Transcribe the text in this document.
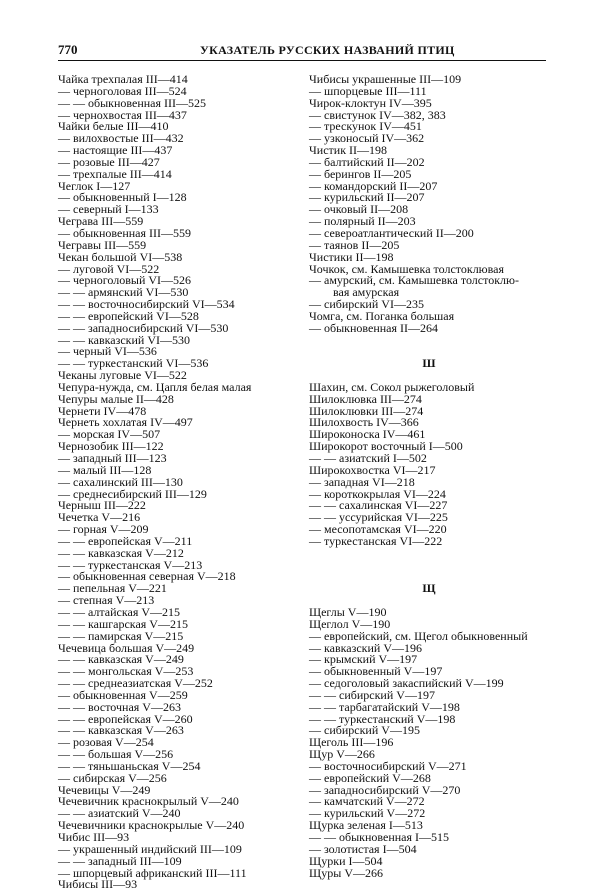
770	УКАЗАТЕЛЬ РУССКИХ НАЗВАНИЙ ПТИЦ
Чайка трехпалая III—414
— черноголовая III—524
— — обыкновенная III—525
— чернохвостая III—437
Чайки белые III—410
— вилохвостые III—432
— настоящие III—437
— розовые III—427
— трехпалые III—414
Чеглок I—127
— обыкновенный I—128
— северный I—133
Чеграва III—559
— обыкновенная III—559
Чегравы III—559
Чекан большой VI—538
— луговой VI—522
— черноголовый VI—526
— — армянский VI—530
— — восточносибирский VI—534
— — европейский VI—528
— — западносибирский VI—530
— — кавказский VI—530
— черный VI—536
— — туркестанский VI—536
Чеканы луговые VI—522
Чепура-нужда, см. Цапля белая малая
Чепуры малые II—428
Чернети IV—478
Чернеть хохлатая IV—497
— морская IV—507
Чернозобик III—122
— западный III—123
— малый III—128
— сахалинский III—130
— среднесибирский III—129
Черныш III—222
Чечетка V—216
— горная V—209
— — европейская V—211
— — кавказская V—212
— — туркестанская V—213
— обыкновенная северная V—218
— пепельная V—221
— степная V—213
— — алтайская V—215
— — кашгарская V—215
— — памирская V—215
Чечевица большая V—249
— — кавказская V—249
— — монгольская V—253
— — среднеазиатская V—252
— обыкновенная V—259
— — восточная V—263
— — европейская V—260
— — кавказская V—263
— розовая V—254
— — большая V—256
— — тяньшаньская V—254
— сибирская V—256
Чечевицы V—249
Чечевичник краснокрылый V—240
— — азиатский V—240
Чечевичники краснокрылые V—240
Чибис III—93
— украшенный индийский III—109
— — западный III—109
— шпорцевый африканский III—111
Чибисы III—93
Чибисы украшенные III—109
— шпорцевые III—111
Чирок-клоктун IV—395
— свистунок IV—382, 383
— трескунок IV—451
— узконосый IV—362
Чистик II—198
— балтийский II—202
— берингов II—205
— командорский II—207
— курильский II—207
— очковый II—208
— полярный II—203
— североатлантический II—200
— таянов II—205
Чистики II—198
Чочкок, см. Камышевка толстоклювая
— амурский, см. Камышевка толстоклю-
вая амурская
— сибирский VI—235
Чомга, см. Поганка большая
— обыкновенная II—264
Ш
Шахин, см. Сокол рыжеголовый
Шилоклювка III—274
Шилоклювки III—274
Шилохвость IV—366
Широконоска IV—461
Широкорот восточный I—500
— — азиатский I—502
Широкохвостка VI—217
— западная VI—218
— короткокрылая VI—224
— — сахалинская VI—227
— — уссурийская VI—225
— месопотамская VI—220
— туркестанская VI—222
Щ
Щеглы V—190
Щеглол V—190
— европейский, см. Щегол обыкновенный
— кавказский V—196
— крымский V—197
— обыкновенный V—197
— седоголовый закаспийский V—199
— — сибирский V—197
— — тарбагатайский V—198
— — туркестанский V—198
— сибирский V—195
Щеголь III—196
Щур V—266
— восточносибирский V—271
— европейский V—268
— западносибирский V—270
— камчатский V—272
— курильский V—272
Щурка зеленая I—513
— — обыкновенная I—515
— золотистая I—504
Щурки I—504
Щуры V—266
